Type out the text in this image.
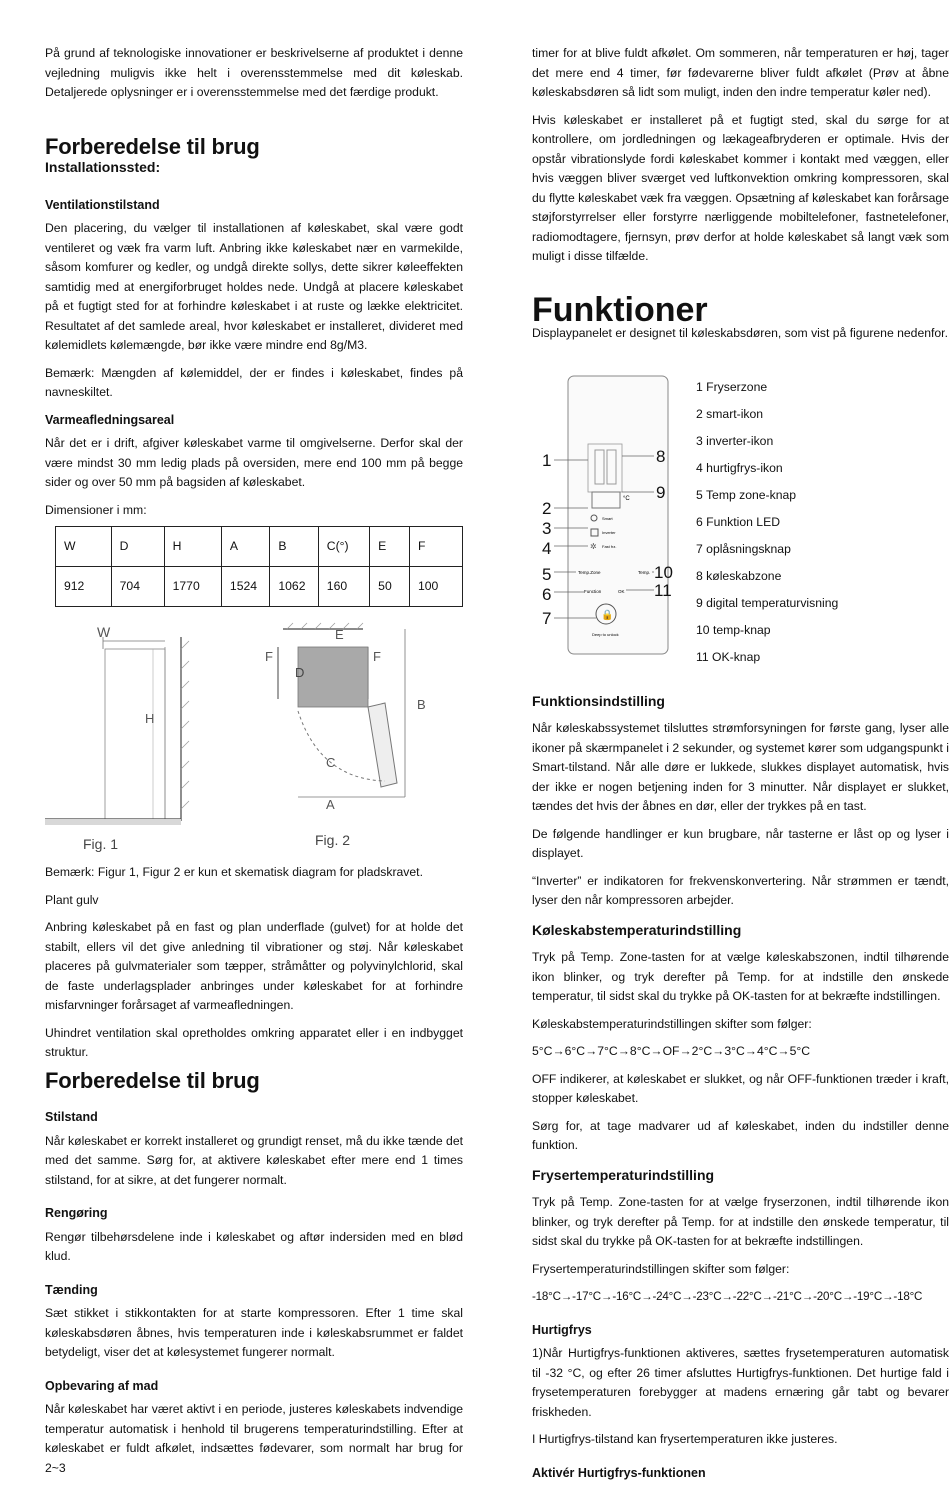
På grund af teknologiske innovationer er beskrivelserne af produktet i denne vejledning muligvis ikke helt i overensstemmelse med dit køleskab. Detaljerede oplysninger er i overensstemmelse med det færdige produkt.

Forberedelse til brug
Installationssted:
Ventilationstilstand

Den placering, du vælger til installationen af køleskabet, skal være godt ventileret og væk fra varm luft. Anbring ikke køleskabet nær en varmekilde, såsom komfurer og kedler, og undgå direkte sollys, dette sikrer køleeffekten samtidig med at energiforbruget holdes nede. Undgå at placere køleskabet på et fugtigt sted for at forhindre køleskabet i at ruste og lække elektricitet. Resultatet af det samlede areal, hvor køleskabet er installeret, divideret med kølemidlets kølemængde, bør ikke være mindre end 8g/M3.

Bemærk: Mængden af kølemiddel, der er findes i køleskabet, findes på navneskiltet.

Varmeafledningsareal

Når det er i drift, afgiver køleskabet varme til omgivelserne. Derfor skal der være mindst 30 mm ledig plads på oversiden, mere end 100 mm på begge sider og over 50 mm på bagsiden af køleskabet.

Dimensioner i mm:

W	D	H	A	B	C(°)	E	F
912	704	1770	1524	1062	160	50	100
W
H
Fig. 1
E
F	F
D
C
A
B
Fig. 2

Bemærk: Figur 1, Figur 2 er kun et skematisk diagram for pladskravet.

Plant gulv

Anbring køleskabet på en fast og plan underflade (gulvet) for at holde det stabilt, ellers vil det give anledning til vibrationer og støj. Når køleskabet placeres på gulvmaterialer som tæpper, stråmåtter og polyvinylchlorid, skal de faste underlagsplader anbringes under køleskabet for at forhindre misfarvninger forårsaget af varmeafledningen.

Uhindret ventilation skal opretholdes omkring apparatet eller i en indbygget struktur.

Forberedelse til brug
Stilstand

Når køleskabet er korrekt installeret og grundigt renset, må du ikke tænde det med det samme. Sørg for, at aktivere køleskabet efter mere end 1 times stilstand, for at sikre, at det fungerer normalt.

Rengøring

Rengør tilbehørsdelene inde i køleskabet og aftør indersiden med en blød klud.

Tænding

Sæt stikket i stikkontakten for at starte kompressoren. Efter 1 time skal køleskabsdøren åbnes, hvis temperaturen inde i køleskabsrummet er faldet betydeligt, viser det at kølesystemet fungerer normalt.

Opbevaring af mad

Når køleskabet har været aktivt i en periode, justeres køleskabets indvendige temperatur automatisk i henhold til brugerens temperaturindstilling. Efter at køleskabet er fuldt afkølet, indsættes fødevarer, som normalt har brug for 2~3

timer for at blive fuldt afkølet. Om sommeren, når temperaturen er høj, tager det mere end 4 timer, før fødevarerne bliver fuldt afkølet (Prøv at åbne køleskabsdøren så lidt som muligt, inden den indre temperatur køler ned).

Hvis køleskabet er installeret på et fugtigt sted, skal du sørge for at kontrollere, om jordledningen og lækageafbryderen er optimale. Hvis der opstår vibrationslyde fordi køleskabet kommer i kontakt med væggen, eller hvis væggen bliver sværget ved luftkonvektion omkring kompressoren, skal du flytte køleskabet væk fra væggen. Opsætning af køleskabet kan forårsage støjforstyrrelser eller forstyrre nærliggende mobiltelefoner, fastnetelefoner, radiomodtagere, fjernsyn, prøv derfor at holde køleskabet så langt væk som muligt i disse tilfælde.

Funktioner

Displaypanelet er designet til køleskabsdøren, som vist på figurene nedenfor.

°C
Smart
Inverter
Fast frz.
✲
Temp.Zone	Temp.
Function	OK
🔒
Deep to unlock
1
2
3
4
5
6
7
8
9
10
11
1 Fryserzone
2 smart-ikon
3 inverter-ikon
4 hurtigfrys-ikon
5 Temp zone-knap
6 Funktion LED
7 oplåsningsknap
8 køleskabzone
9 digital temperaturvisning
10 temp-knap
11 OK-knap
Funktionsindstilling

Når køleskabssystemet tilsluttes strømforsyningen for første gang, lyser alle ikoner på skærmpanelet i 2 sekunder, og systemet kører som udgangspunkt i Smart-tilstand. Når alle døre er lukkede, slukkes displayet automatisk, hvis der ikke er nogen betjening inden for 3 minutter. Når displayet er slukket, tændes det hvis der åbnes en dør, eller der trykkes på en tast.

De følgende handlinger er kun brugbare, når tasterne er låst op og lyser i displayet.

“Inverter” er indikatoren for frekvenskonvertering. Når strømmen er tændt, lyser den når kompressoren arbejder.

Køleskabstemperaturindstilling

Tryk på Temp. Zone-tasten for at vælge køleskabszonen, indtil tilhørende ikon blinker, og tryk derefter på Temp. for at indstille den ønskede temperatur, til sidst skal du trykke på OK-tasten for at bekræfte indstillingen.

Køleskabstemperaturindstillingen skifter som følger:

5°C→6°C→7°C→8°C→OF→2°C→3°C→4°C→5°C

OFF indikerer, at køleskabet er slukket, og når OFF-funktionen træder i kraft, stopper køleskabet.

Sørg for, at tage madvarer ud af køleskabet, inden du indstiller denne funktion.

Frysertemperaturindstilling

Tryk på Temp. Zone-tasten for at vælge fryserzonen, indtil tilhørende ikon blinker, og tryk derefter på Temp. for at indstille den ønskede temperatur, til sidst skal du trykke på OK-tasten for at bekræfte indstillingen.

Frysertemperaturindstillingen skifter som følger:

-18°C→-17°C→-16°C→-24°C→-23°C→-22°C→-21°C→-20°C→-19°C→-18°C

Hurtigfrys

1)Når Hurtigfrys-funktionen aktiveres, sættes frysetemperaturen automatisk til -32 °C, og efter 26 timer afsluttes Hurtigfrys-funktionen. Det hurtige fald i frysetemperaturen forebygger at madens ernæring går tabt og bevarer friskheden.

I Hurtigfrys-tilstand kan frysertemperaturen ikke justeres.

Aktivér Hurtigfrys-funktionen
